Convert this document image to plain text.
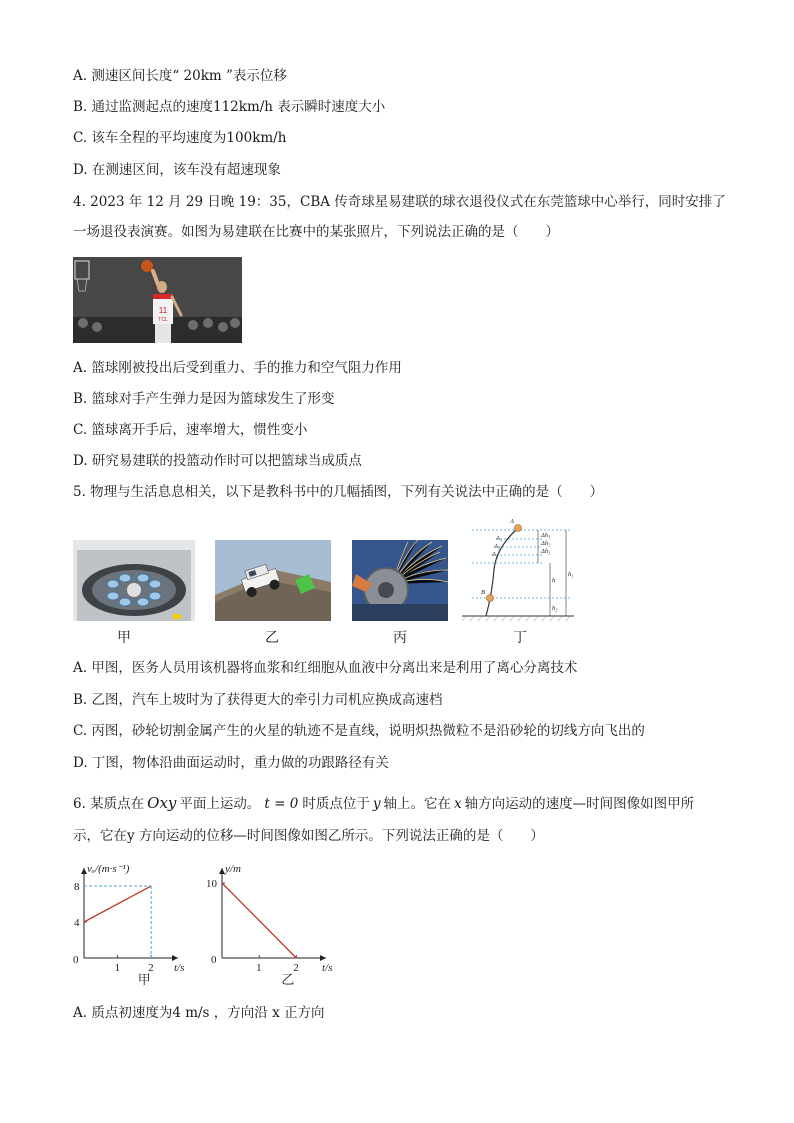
A. 测速区间长度“ 20km ”表示位移
B. 通过监测起点的速度112km/h 表示瞬时速度大小
C. 该车全程的平均速度为100km/h
D. 在测速区间，该车没有超速现象
4. 2023 年 12 月 29 日晚 19：35，CBA 传奇球星易建联的球衣退役仪式在东莞篮球中心举行，同时安排了
一场退役表演赛。如图为易建联在比赛中的某张照片，下列说法正确的是（　　）
11
TCL
A. 篮球刚被投出后受到重力、手的推力和空气阻力作用
B. 篮球对手产生弹力是因为篮球发生了形变
C. 篮球离开手后，速率增大，惯性变小
D. 研究易建联的投篮动作时可以把篮球当成质点
5. 物理与生活息息相关，以下是教科书中的几幅插图，下列有关说法中正确的是（　　）
A
A₁
A₂
A₃
B
Δh₁
Δh₂
Δh₃
h
h₁
h₂
甲	乙	丙	丁
A. 甲图，医务人员用该机器将血浆和红细胞从血液中分离出来是利用了离心分离技术
B. 乙图，汽车上坡时为了获得更大的牵引力司机应换成高速档
C. 丙图，砂轮切割金属产生的火星的轨迹不是直线，说明炽热微粒不是沿砂轮的切线方向飞出的
D. 丁图，物体沿曲面运动时，重力做的功跟路径有关
6. 某质点在 Oxy 平面上运动。 t = 0 时质点位于 y 轴上。它在 x 轴方向运动的速度—时间图像如图甲所
示，它在y 方向运动的位移—时间图像如图乙所示。下列说法正确的是（　　）
t/s
vₓ/(m·s⁻¹)
0
1	2
4
8
甲
t/s
y/m
0
1	2
10
乙
A. 质点初速度为4 m/s ，方向沿 x 正方向
